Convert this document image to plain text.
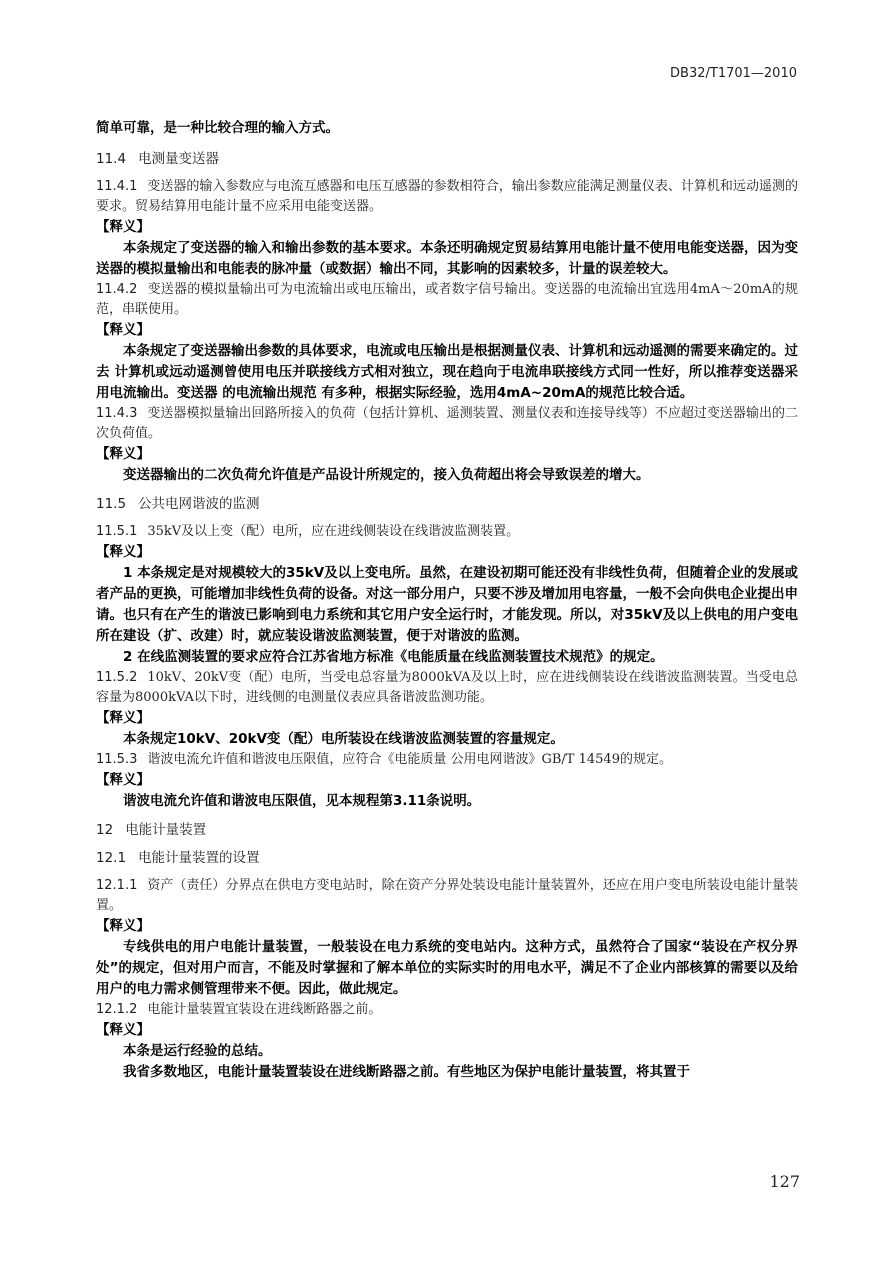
DB32/T1701—2010

简单可靠，是一种比较合理的输入方式。

11.4 电测量变送器

11.4.1 变送器的输入参数应与电流互感器和电压互感器的参数相符合，输出参数应能满足测量仪表、计算机和远动遥测的要求。贸易结算用电能计量不应采用电能变送器。

【释义】

本条规定了变送器的输入和输出参数的基本要求。本条还明确规定贸易结算用电能计量不使用电能变送器，因为变送器的模拟量输出和电能表的脉冲量（或数据）输出不同，其影响的因素较多，计量的误差较大。

11.4.2 变送器的模拟量输出可为电流输出或电压输出，或者数字信号输出。变送器的电流输出宜选用4mA～20mA的规范，串联使用。

【释义】

本条规定了变送器输出参数的具体要求，电流或电压输出是根据测量仪表、计算机和远动遥测的需要来确定的。过去 计算机或远动遥测曾使用电压并联接线方式相对独立，现在趋向于电流串联接线方式同一性好，所以推荐变送器采用电流输出。变送器 的电流输出规范 有多种，根据实际经验，选用4mA~20mA的规范比较合适。

11.4.3 变送器模拟量输出回路所接入的负荷（包括计算机、遥测装置、测量仪表和连接导线等）不应超过变送器输出的二次负荷值。

【释义】

变送器输出的二次负荷允许值是产品设计所规定的，接入负荷超出将会导致误差的增大。

11.5 公共电网谐波的监测

11.5.1 35kV及以上变（配）电所，应在进线侧装设在线谐波监测装置。

【释义】

1 本条规定是对规模较大的35kV及以上变电所。虽然，在建设初期可能还没有非线性负荷，但随着企业的发展或者产品的更换，可能增加非线性负荷的设备。对这一部分用户，只要不涉及增加用电容量，一般不会向供电企业提出申请。也只有在产生的谐波已影响到电力系统和其它用户安全运行时，才能发现。所以，对35kV及以上供电的用户变电所在建设（扩、改建）时，就应装设谐波监测装置，便于对谐波的监测。

2 在线监测装置的要求应符合江苏省地方标准《电能质量在线监测装置技术规范》的规定。

11.5.2 10kV、20kV变（配）电所，当受电总容量为8000kVA及以上时，应在进线侧装设在线谐波监测装置。当受电总容量为8000kVA以下时，进线侧的电测量仪表应具备谐波监测功能。

【释义】

本条规定10kV、20kV变（配）电所装设在线谐波监测装置的容量规定。

11.5.3 谐波电流允许值和谐波电压限值，应符合《电能质量 公用电网谐波》GB/T 14549的规定。

【释义】

谐波电流允许值和谐波电压限值，见本规程第3.11条说明。

12 电能计量装置
12.1 电能计量装置的设置

12.1.1 资产（责任）分界点在供电方变电站时，除在资产分界处装设电能计量装置外，还应在用户变电所装设电能计量装置。

【释义】

专线供电的用户电能计量装置，一般装设在电力系统的变电站内。这种方式，虽然符合了国家“装设在产权分界处”的规定，但对用户而言，不能及时掌握和了解本单位的实际实时的用电水平，满足不了企业内部核算的需要以及给用户的电力需求侧管理带来不便。因此，做此规定。

12.1.2 电能计量装置宜装设在进线断路器之前。

【释义】

本条是运行经验的总结。

我省多数地区，电能计量装置装设在进线断路器之前。有些地区为保护电能计量装置，将其置于

127
